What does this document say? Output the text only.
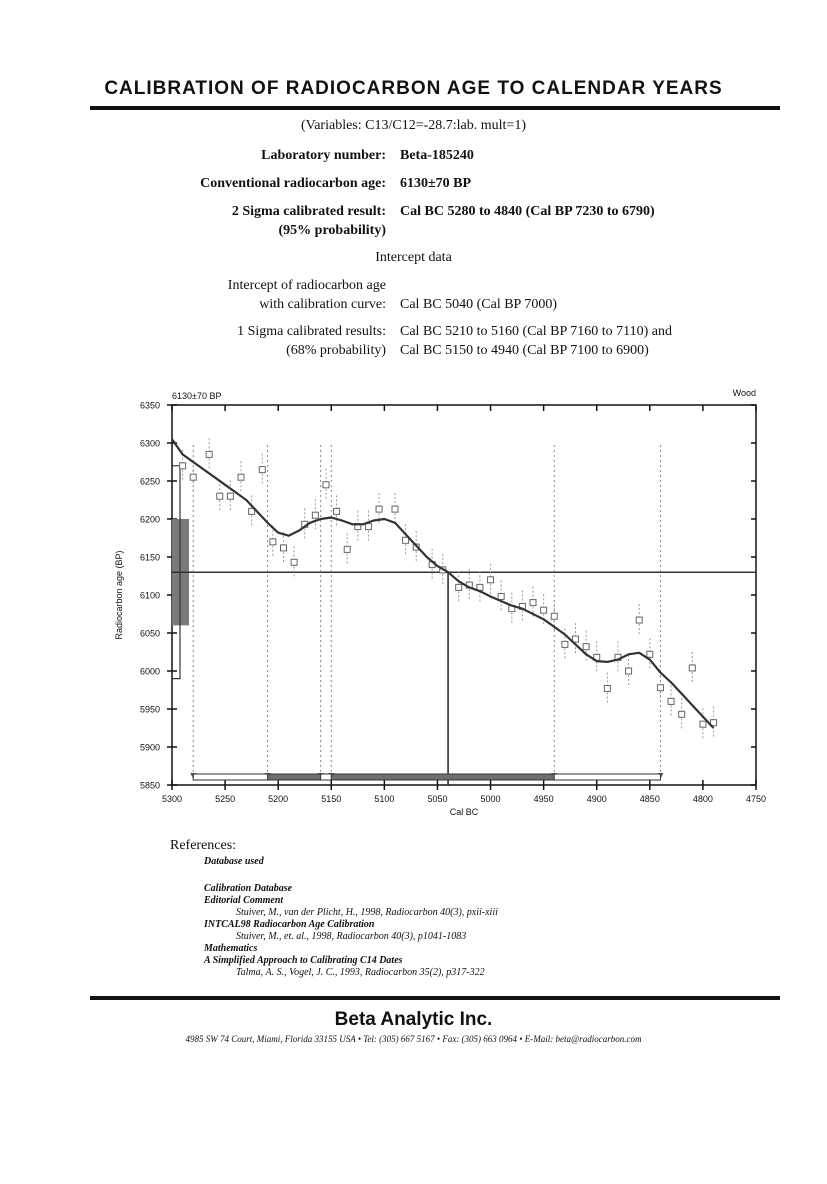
CALIBRATION OF RADIOCARBON AGE TO CALENDAR YEARS
(Variables: C13/C12=-28.7:lab. mult=1)
Laboratory number: Beta-185240
Conventional radiocarbon age: 6130±70 BP
2 Sigma calibrated result: Cal BC 5280 to 4840 (Cal BP 7230 to 6790)
(95% probability)
Intercept data
Intercept of radiocarbon age
with calibration curve: Cal BC 5040 (Cal BP 7000)
1 Sigma calibrated results: Cal BC 5210 to 5160 (Cal BP 7160 to 7110) and
(68% probability) Cal BC 5150 to 4940 (Cal BP 7100 to 6900)
6350
6300
6250
6200
6150
6100
6050
6000
5950
5900
5850
5300	5250	5200	5150	5100	5050	5000	4950	4900	4850	4800	4750
6130±70 BP	Wood
Cal BC
Radiocarbon age (BP)
References:
Database used
Calibration Database
Editorial Comment
Stuiver, M., van der Plicht, H., 1998, Radiocarbon 40(3), pxii-xiii
INTCAL98 Radiocarbon Age Calibration
Stuiver, M., et. al., 1998, Radiocarbon 40(3), p1041-1083
Mathematics
A Simplified Approach to Calibrating C14 Dates
Talma, A. S., Vogel, J. C., 1993, Radiocarbon 35(2), p317-322
Beta Analytic Inc.
4985 SW 74 Court, Miami, Florida 33155 USA • Tel: (305) 667 5167 • Fax: (305) 663 0964 • E-Mail: beta@radiocarbon.com
